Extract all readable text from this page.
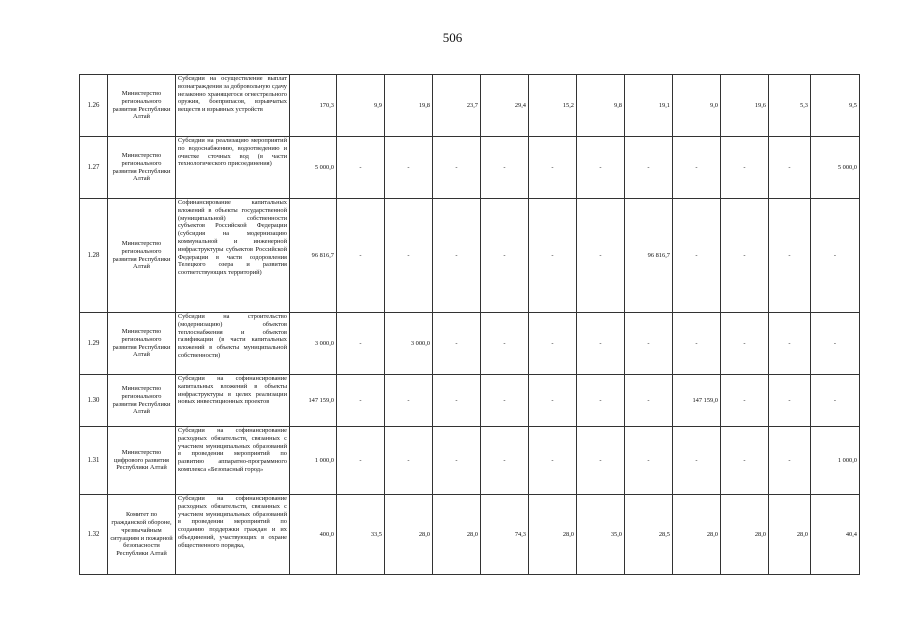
506
1.26	Министерство регионального развития Республики Алтай	Субсидии на осуществление выплат вознаграждения за добровольную сдачу незаконно хранящегося огнестрельного оружия, боеприпасов, взрывчатых веществ и взрывных устройств	170,3	9,9	19,8	23,7	29,4	15,2	9,8	19,1	9,0	19,6	5,3	9,5
1.27	Министерство регионального развития Республики Алтай	Субсидии на реализацию мероприятий по водоснабжению, водоотведению и очистке сточных вод (в части технологического присоединения)	5 000,0	-	-	-	-	-	-	-	-	-	-	5 000,0
1.28	Министерство регионального развития Республики Алтай	Софинансирование капитальных вложений в объекты государственной (муниципальной) собственности субъектов Российской Федерации (субсидия на модернизацию коммунальной и инженерной инфраструктуры субъектов Российской Федерации в части оздоровления Телецкого озера и развития соответствующих территорий)	96 816,7	-	-	-	-	-	-	96 816,7	-	-	-	-
1.29	Министерство регионального развития Республики Алтай	Субсидии на строительство (модернизацию) объектов теплоснабжения и объектов газификации (в части капитальных вложений в объекты муниципальной собственности)	3 000,0	-	3 000,0	-	-	-	-	-	-	-	-	-
1.30	Министерство регионального развития Республики Алтай	Субсидии на софинансирование капитальных вложений в объекты инфраструктуры в целях реализации новых инвестиционных проектов	147 159,0	-	-	-	-	-	-	-	147 159,0	-	-	-
1.31	Министерство цифрового развития Республики Алтай	Субсидии на софинансирование расходных обязательств, связанных с участием муниципальных образований в проведении мероприятий по развитию аппаратно-программного комплекса «Безопасный город»	1 000,0	-	-	-	-	-	-	-	-	-	-	1 000,0
1.32	Комитет по гражданской обороне, чрезвычайным ситуациям и пожарной безопасности Республики Алтай	Субсидии на софинансирование расходных обязательств, связанных с участием муниципальных образований в проведении мероприятий по созданию поддержки граждан и их объединений, участвующих в охране общественного порядка,	400,0	33,5	28,0	28,0	74,3	28,0	35,0	28,5	28,0	28,0	28,0	40,4
